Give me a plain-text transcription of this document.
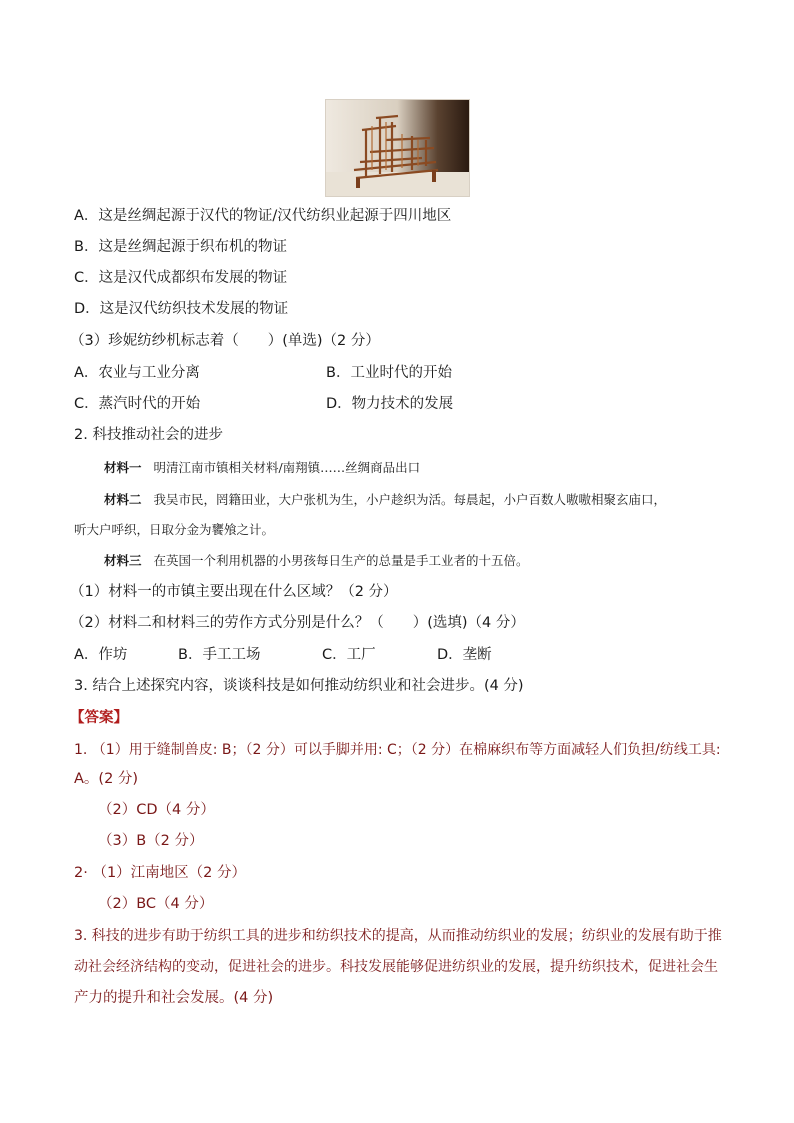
A．这是丝绸起源于汉代的物证/汉代纺织业起源于四川地区
B．这是丝绸起源于织布机的物证
C．这是汉代成都织布发展的物证
D．这是汉代纺织技术发展的物证
（3）珍妮纺纱机标志着（　　）(单选)（2 分）
A．农业与工业分离	B．工业时代的开始
C．蒸汽时代的开始	D．物力技术的发展
2. 科技推动社会的进步
材料一 明清江南市镇相关材料/南翔镇……丝绸商品出口
材料二 我吴市民，罔籍田业，大户张机为生，小户趁织为活。每晨起，小户百数人嗷嗷相聚玄庙口，
听大户呼织，日取分金为饔飧之计。
材料三 在英国一个利用机器的小男孩每日生产的总量是手工业者的十五倍。
（1）材料一的市镇主要出现在什么区域？（2 分）
（2）材料二和材料三的劳作方式分别是什么？（　　）(选填)（4 分）
A．作坊	B．手工工场	C．工厂	D．垄断
3. 结合上述探究内容，谈谈科技是如何推动纺织业和社会进步。(4 分)
【答案】
1. （1）用于缝制兽皮: B；（2 分）可以手脚并用: C；（2 分）在棉麻织布等方面减轻人们负担/纺线工具:
A。(2 分)
（2）CD（4 分）
（3）B（2 分）
2· （1）江南地区（2 分）
（2）BC（4 分）
3. 科技的进步有助于纺织工具的进步和纺织技术的提高，从而推动纺织业的发展；纺织业的发展有助于推
动社会经济结构的变动，促进社会的进步。科技发展能够促进纺织业的发展，提升纺织技术，促进社会生
产力的提升和社会发展。(4 分)
